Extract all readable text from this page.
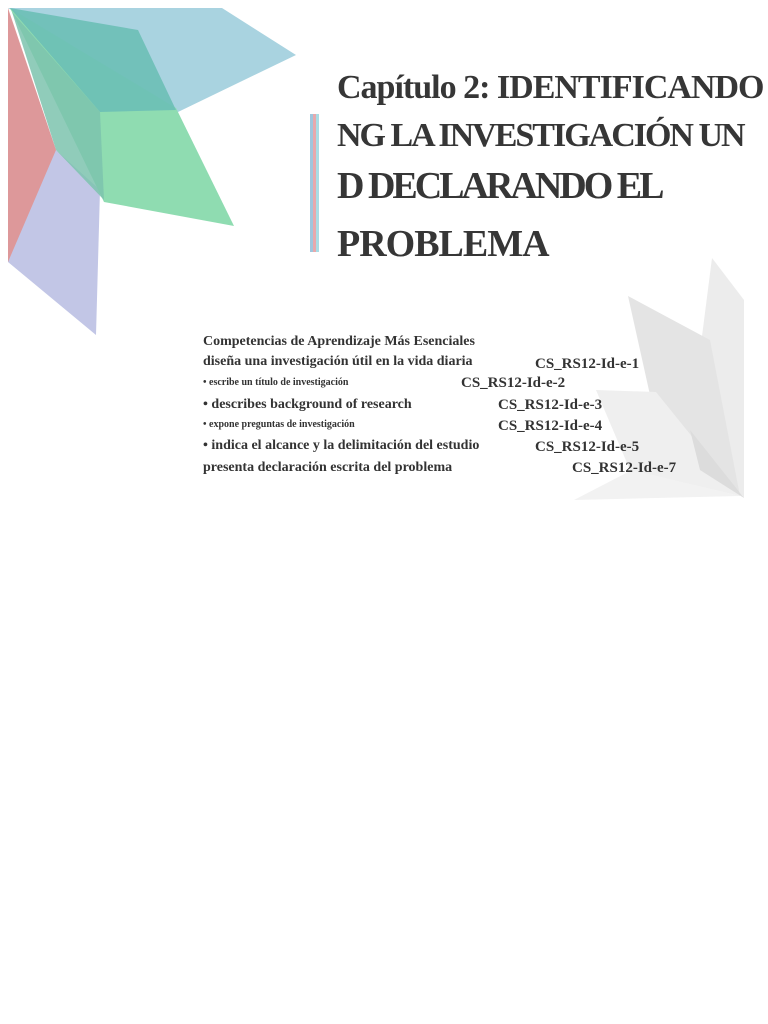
Capítulo 2: IDENTIFICANDO
NG LA INVESTIGACIÓN UN
D DECLARANDO EL
PROBLEMA
Competencias de Aprendizaje Más Esenciales
diseña una investigación útil en la vida diaria	CS_RS12-Id-e-1
• escribe un título de investigación	CS_RS12-Id-e-2
• describes background of research	CS_RS12-Id-e-3
• expone preguntas de investigación	CS_RS12-Id-e-4
• indica el alcance y la delimitación del estudio	CS_RS12-Id-e-5
presenta declaración escrita del problema	CS_RS12-Id-e-7
